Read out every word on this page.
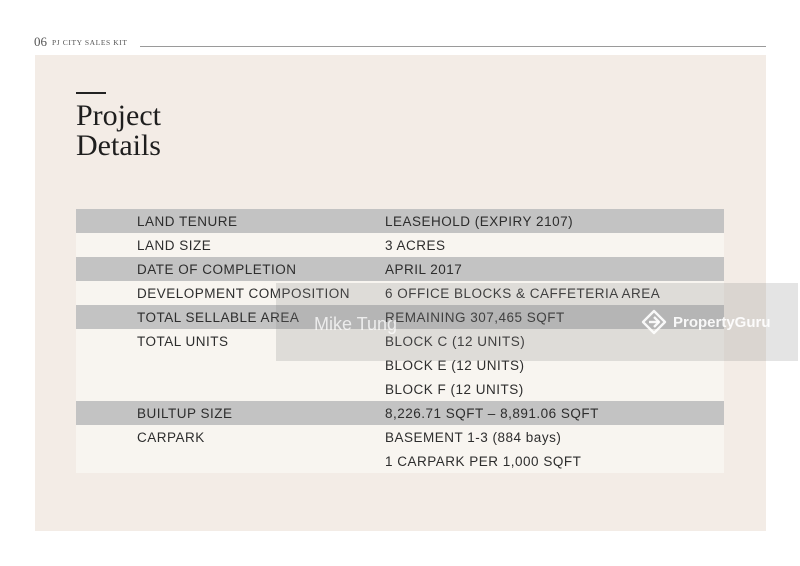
06 PJ CITY SALES KIT
Project
Details
LAND TENURE	LEASEHOLD (EXPIRY 2107)
LAND SIZE	3 ACRES
DATE OF COMPLETION	APRIL 2017
DEVELOPMENT COMPOSITION	6 OFFICE BLOCKS & CAFFETERIA AREA
TOTAL SELLABLE AREA	REMAINING 307,465 SQFT
TOTAL UNITS	BLOCK C (12 UNITS)
	BLOCK E (12 UNITS)
	BLOCK F (12 UNITS)
BUILTUP SIZE	8,226.71 SQFT – 8,891.06 SQFT
CARPARK	BASEMENT 1-3 (884 bays)
	1 CARPARK PER 1,000 SQFT
Mike Tung	PropertyGuru
